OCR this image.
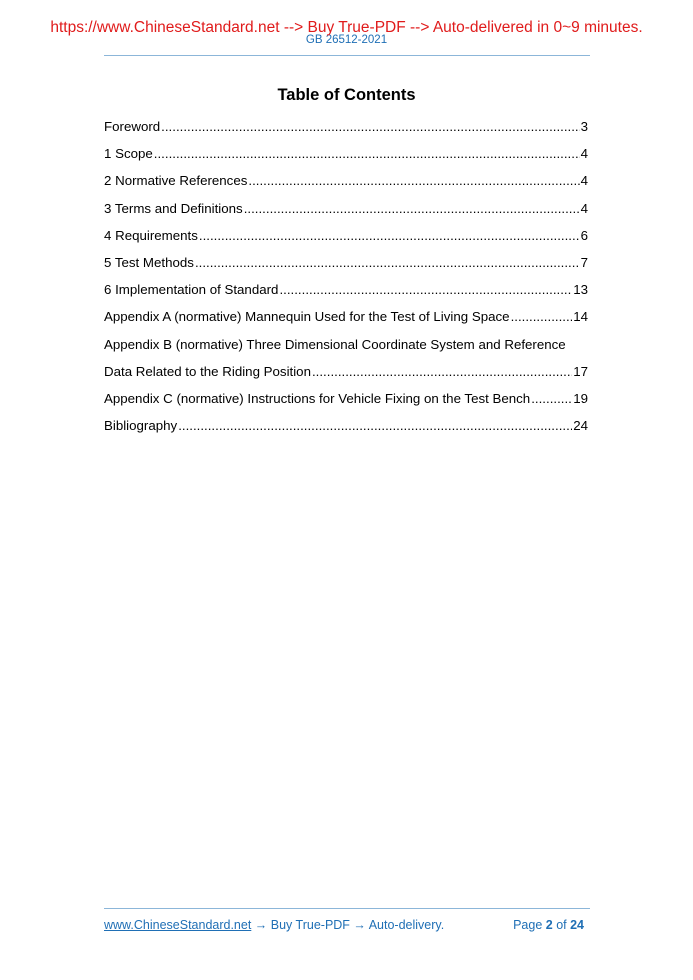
https://www.ChineseStandard.net --> Buy True-PDF --> Auto-delivered in 0~9 minutes.
GB 26512-2021
Table of Contents
Foreword .....	3
1 Scope .....	4
2 Normative References .....	4
3 Terms and Definitions .....	4
4 Requirements .....	6
5 Test Methods .....	7
6 Implementation of Standard .....	13
Appendix A (normative) Mannequin Used for the Test of Living Space .....	14
Appendix B (normative) Three Dimensional Coordinate System and Reference
Data Related to the Riding Position .....	17
Appendix C (normative) Instructions for Vehicle Fixing on the Test Bench .....	19
Bibliography .....	24
www.ChineseStandard.net → Buy True-PDF → Auto-delivery.	Page 2 of 24
